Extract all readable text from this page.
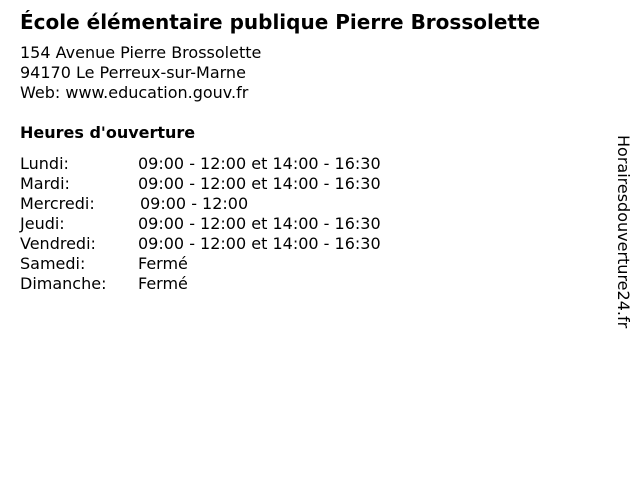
École élémentaire publique Pierre Brossolette
154 Avenue Pierre Brossolette
94170 Le Perreux-sur-Marne
Web: www.education.gouv.fr
Heures d'ouverture
Lundi:	09:00 - 12:00 et 14:00 - 16:30
Mardi:	09:00 - 12:00 et 14:00 - 16:30
Mercredi:	09:00 - 12:00
Jeudi:	09:00 - 12:00 et 14:00 - 16:30
Vendredi:	09:00 - 12:00 et 14:00 - 16:30
Samedi:	Fermé
Dimanche: Fermé	Horairesdouverture24.fr
